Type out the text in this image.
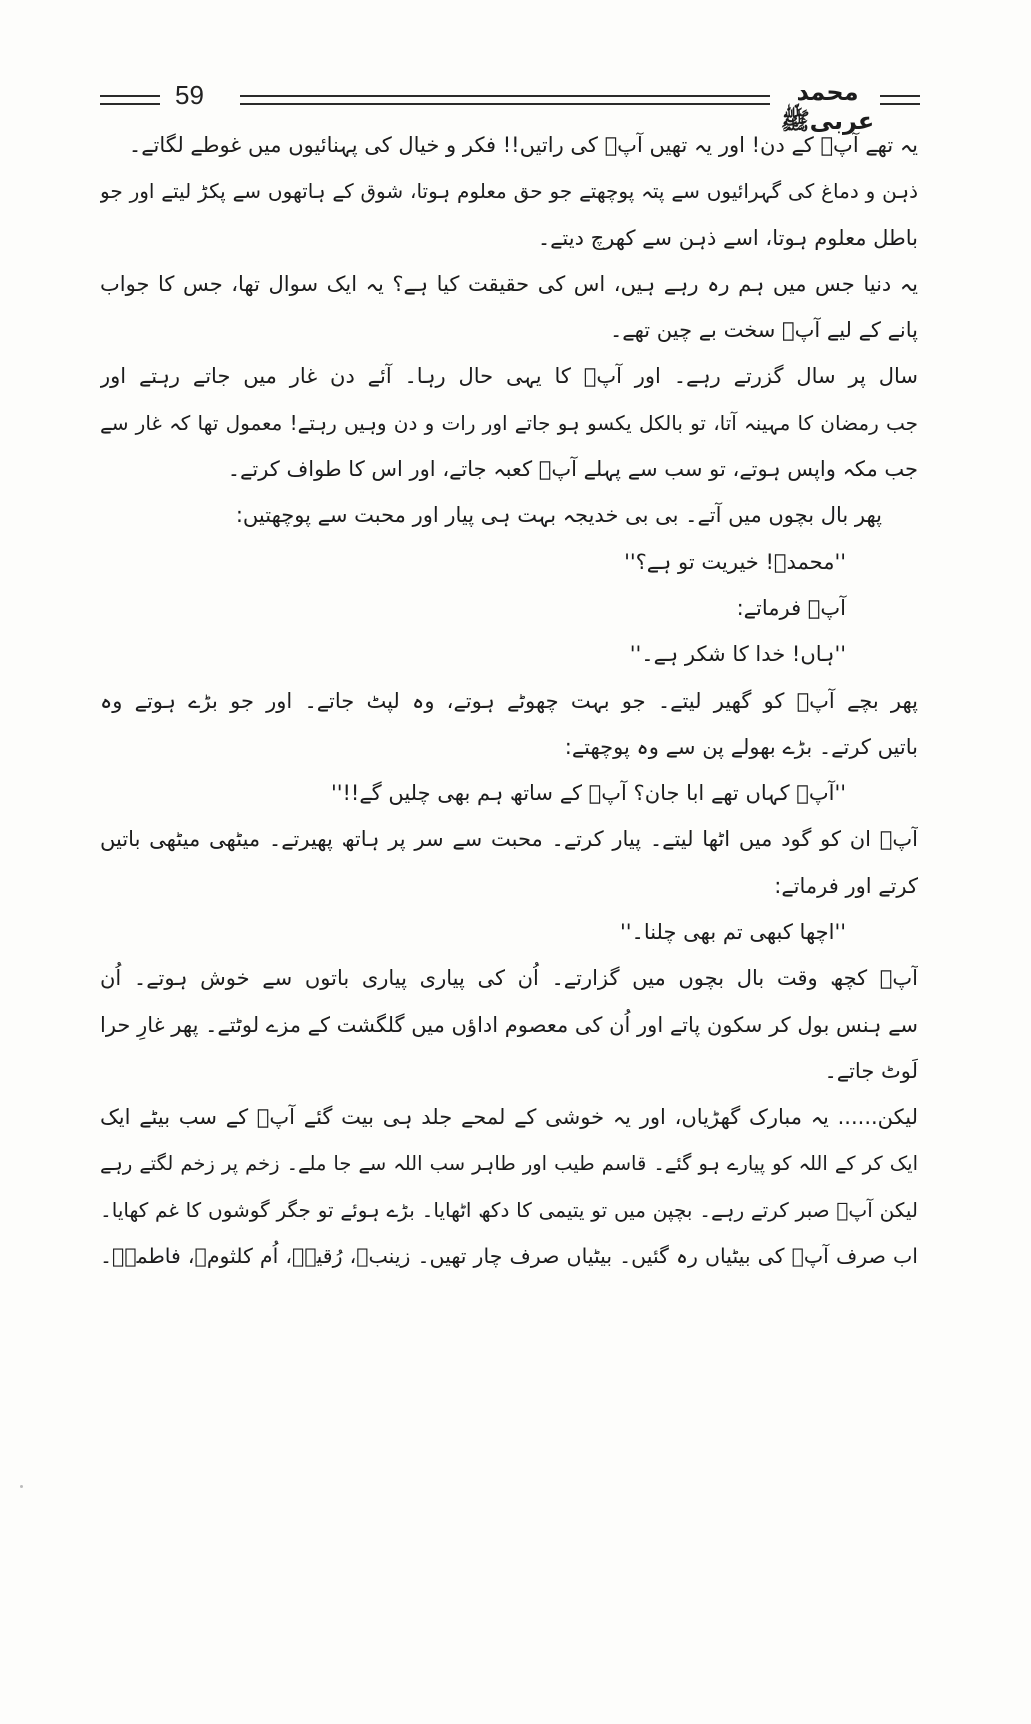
59	محمد عربیﷺ
یہ تھے آپؐ کے دن! اور یہ تھیں آپؐ کی راتیں!! فکر و خیال کی پہنائیوں میں غوطے لگاتے۔
ذہن و دماغ کی گہرائیوں سے پتہ پوچھتے جو حق معلوم ہوتا، شوق کے ہاتھوں سے پکڑ لیتے اور جو
باطل معلوم ہوتا، اسے ذہن سے کھرچ دیتے۔
یہ دنیا جس میں ہم رہ رہے ہیں، اس کی حقیقت کیا ہے؟ یہ ایک سوال تھا، جس کا جواب
پانے کے لیے آپؐ سخت بے چین تھے۔
سال پر سال گزرتے رہے۔ اور آپؐ کا یہی حال رہا۔ آئے دن غار میں جاتے رہتے اور
جب رمضان کا مہینہ آتا، تو بالکل یکسو ہو جاتے اور رات و دن وہیں رہتے! معمول تھا کہ غار سے
جب مکہ واپس ہوتے، تو سب سے پہلے آپؐ کعبہ جاتے، اور اس کا طواف کرتے۔
پھر بال بچوں میں آتے۔ بی بی خدیجہ بہت ہی پیار اور محبت سے پوچھتیں:
''محمدؐ! خیریت تو ہے؟''
آپؐ فرماتے:
''ہاں! خدا کا شکر ہے۔''
پھر بچے آپؐ کو گھیر لیتے۔ جو بہت چھوٹے ہوتے، وہ لپٹ جاتے۔ اور جو بڑے ہوتے وہ
باتیں کرتے۔ بڑے بھولے پن سے وہ پوچھتے:
''آپؐ کہاں تھے ابا جان؟ آپؐ کے ساتھ ہم بھی چلیں گے!!''
آپؐ ان کو گود میں اٹھا لیتے۔ پیار کرتے۔ محبت سے سر پر ہاتھ پھیرتے۔ میٹھی میٹھی باتیں
کرتے اور فرماتے:
''اچھا کبھی تم بھی چلنا۔''
آپؐ کچھ وقت بال بچوں میں گزارتے۔ اُن کی پیاری پیاری باتوں سے خوش ہوتے۔ اُن
سے ہنس بول کر سکون پاتے اور اُن کی معصوم اداؤں میں گلگشت کے مزے لوٹتے۔ پھر غارِ حرا
لَوٹ جاتے۔
لیکن...... یہ مبارک گھڑیاں، اور یہ خوشی کے لمحے جلد ہی بیت گئے آپؐ کے سب بیٹے ایک
ایک کر کے اللہ کو پیارے ہو گئے۔ قاسم طیب اور طاہر سب اللہ سے جا ملے۔ زخم پر زخم لگتے رہے
لیکن آپؐ صبر کرتے رہے۔ بچپن میں تو یتیمی کا دکھ اٹھایا۔ بڑے ہوئے تو جگر گوشوں کا غم کھایا۔
اب صرف آپؐ کی بیٹیاں رہ گئیں۔ بیٹیاں صرف چار تھیں۔ زینبؓ، رُقیہؓ، اُم کلثومؓ، فاطمہؓ۔
